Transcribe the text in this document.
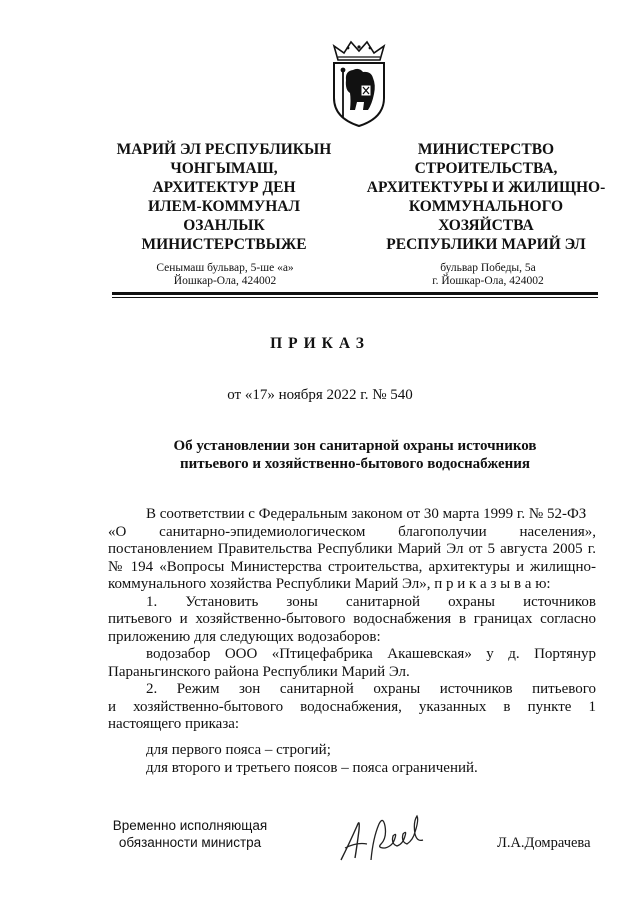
МАРИЙ ЭЛ РЕСПУБЛИКЫН
ЧОНГЫМАШ,
АРХИТЕКТУР ДЕН
ИЛЕМ-КОММУНАЛ
ОЗАНЛЫК
МИНИСТЕРСТВЫЖЕ
МИНИСТЕРСТВО
СТРОИТЕЛЬСТВА,
АРХИТЕКТУРЫ И ЖИЛИЩНО-
КОММУНАЛЬНОГО
ХОЗЯЙСТВА
РЕСПУБЛИКИ МАРИЙ ЭЛ
Сенымаш бульвар, 5-ше «а»
Йошкар-Ола, 424002
бульвар Победы, 5а
г. Йошкар-Ола, 424002
ПРИКАЗ
от «17» ноября 2022 г. № 540
Об установлении зон санитарной охраны источников
питьевого и хозяйственно-бытового водоснабжения
В соответствии с Федеральным законом от 30 марта 1999 г. № 52-ФЗ
«О санитарно-эпидемиологическом благополучии населения»,
постановлением Правительства Республики Марий Эл от 5 августа 2005 г.
№ 194 «Вопросы Министерства строительства, архитектуры и жилищно-
коммунального хозяйства Республики Марий Эл», п р и к а з ы в а ю:
1. Установить зоны санитарной охраны источников
питьевого и хозяйственно-бытового водоснабжения в границах согласно
приложению для следующих водозаборов:
водозабор ООО «Птицефабрика Акашевская» у д. Портянур
Параньгинского района Республики Марий Эл.
2. Режим зон санитарной охраны источников питьевого
и хозяйственно-бытового водоснабжения, указанных в пункте 1
настоящего приказа:
для первого пояса – строгий;
для второго и третьего поясов – пояса ограничений.
Временно исполняющая
обязанности министра	Л.А.Домрачева
